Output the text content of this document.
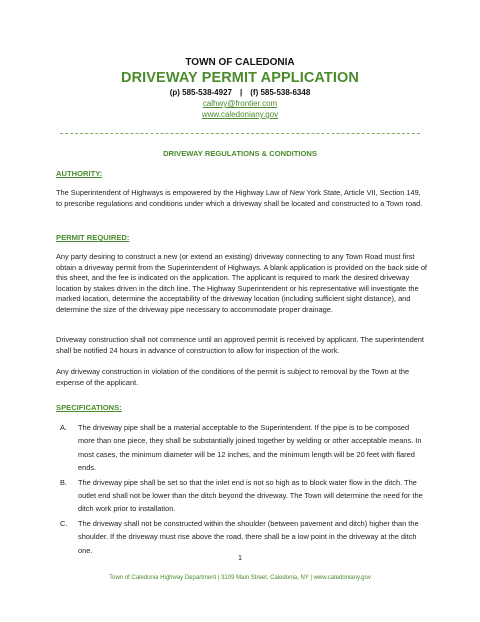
TOWN OF CALEDONIA
DRIVEWAY PERMIT APPLICATION
(p) 585-538-4927 | (f) 585-538-6348
calhwy@frontier.com
www.caledoniany.gov
DRIVEWAY REGULATIONS & CONDITIONS
AUTHORITY:

The Superintendent of Highways is empowered by the Highway Law of New York State, Article VII, Section 149, to prescribe regulations and conditions under which a driveway shall be located and constructed to a Town road.

PERMIT REQUIRED:

Any party desiring to construct a new (or extend an existing) driveway connecting to any Town Road must first obtain a driveway permit from the Superintendent of Highways. A blank application is provided on the back side of this sheet, and the fee is indicated on the application. The applicant is required to mark the desired driveway location by stakes driven in the ditch line. The Highway Superintendent or his representative will investigate the marked location, determine the acceptability of the driveway location (including sufficient sight distance), and determine the size of the driveway pipe necessary to accommodate proper drainage.

Driveway construction shall not commence until an approved permit is received by applicant. The superintendent shall be notified 24 hours in advance of construction to allow for inspection of the work.

Any driveway construction in violation of the conditions of the permit is subject to removal by the Town at the expense of the applicant.

SPECIFICATIONS:
A. The driveway pipe shall be a material acceptable to the Superintendent. If the pipe is to be composed more than one piece, they shall be substantially joined together by welding or other acceptable means. In most cases, the minimum diameter will be 12 inches, and the minimum length will be 20 feet with flared ends.
B. The driveway pipe shall be set so that the inlet end is not so high as to block water flow in the ditch. The outlet end shall not be lower than the ditch beyond the driveway. The Town will determine the need for the ditch work prior to installation.
C. The driveway shall not be constructed within the shoulder (between pavement and ditch) higher than the shoulder. If the driveway must rise above the road, there shall be a low point in the driveway at the ditch one.
1
Town of Caledonia Highway Department | 3109 Main Street, Caledonia, NY | www.caledoniany.gov
